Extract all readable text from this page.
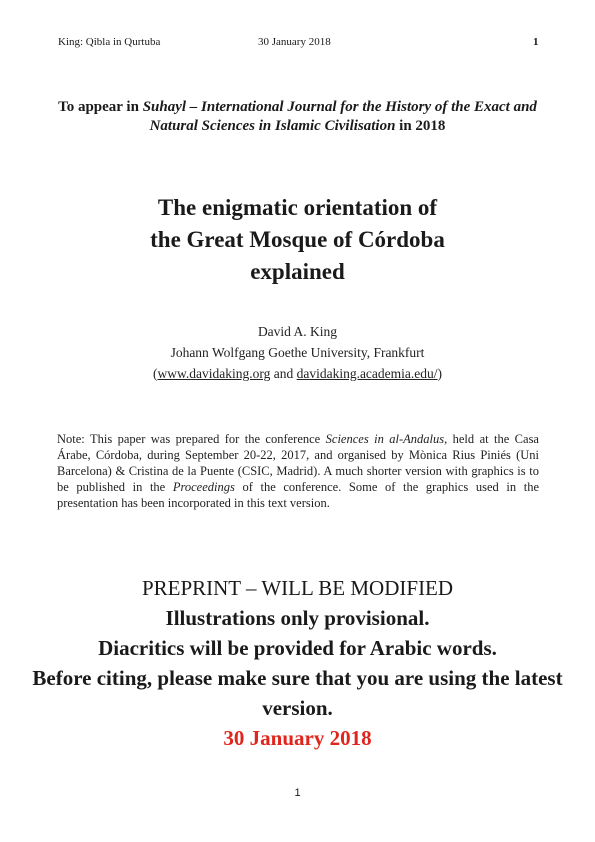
King: Qibla in Qurtuba	30 January 2018	1
To appear in Suhayl – International Journal for the History of the Exact and Natural Sciences in Islamic Civilisation in 2018
The enigmatic orientation of
the Great Mosque of Córdoba
explained
David A. King
Johann Wolfgang Goethe University, Frankfurt
(www.davidaking.org and davidaking.academia.edu/)
Note: This paper was prepared for the conference Sciences in al-Andalus, held at the Casa Árabe, Córdoba, during September 20-22, 2017, and organised by Mònica Rius Piniés (Uni Barcelona) & Cristina de la Puente (CSIC, Madrid). A much shorter version with graphics is to be published in the Proceedings of the conference. Some of the graphics used in the presentation has been incorporated in this text version.
PREPRINT – WILL BE MODIFIED
Illustrations only provisional.
Diacritics will be provided for Arabic words.
Before citing, please make sure that you are using the latest version.
30 January 2018
1
